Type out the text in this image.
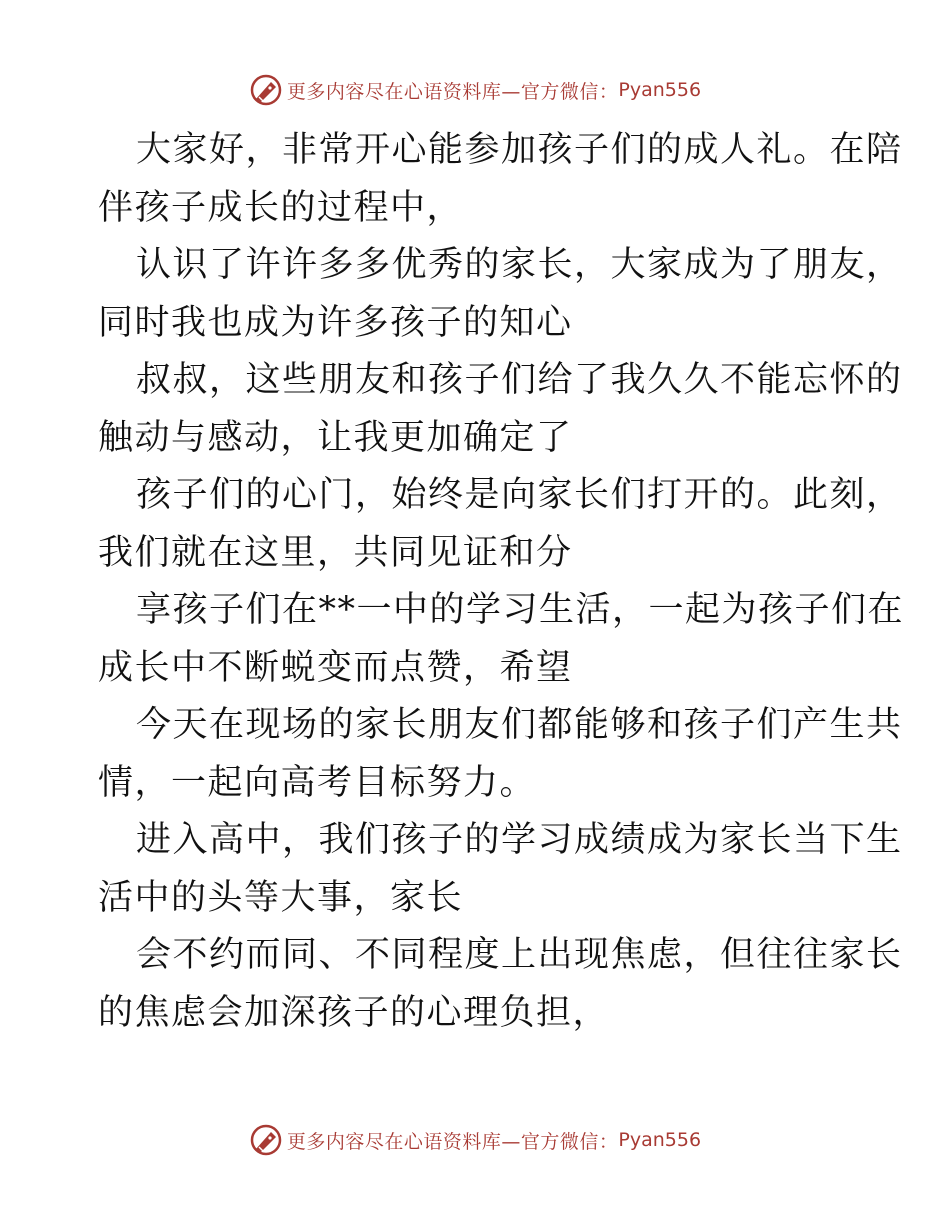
更多内容尽在心语资料库—官方微信： Pyan556

大家好，非常开心能参加孩子们的成人礼。在陪
伴孩子成长的过程中，

认识了许许多多优秀的家长，大家成为了朋友，
同时我也成为许多孩子的知心

叔叔，这些朋友和孩子们给了我久久不能忘怀的
触动与感动，让我更加确定了

孩子们的心门，始终是向家长们打开的。此刻，
我们就在这里，共同见证和分

享孩子们在**一中的学习生活，一起为孩子们在
成长中不断蜕变而点赞，希望

今天在现场的家长朋友们都能够和孩子们产生共
情，一起向高考目标努力。

进入高中，我们孩子的学习成绩成为家长当下生
活中的头等大事，家长

会不约而同、不同程度上出现焦虑，但往往家长
的焦虑会加深孩子的心理负担，

更多内容尽在心语资料库—官方微信： Pyan556
